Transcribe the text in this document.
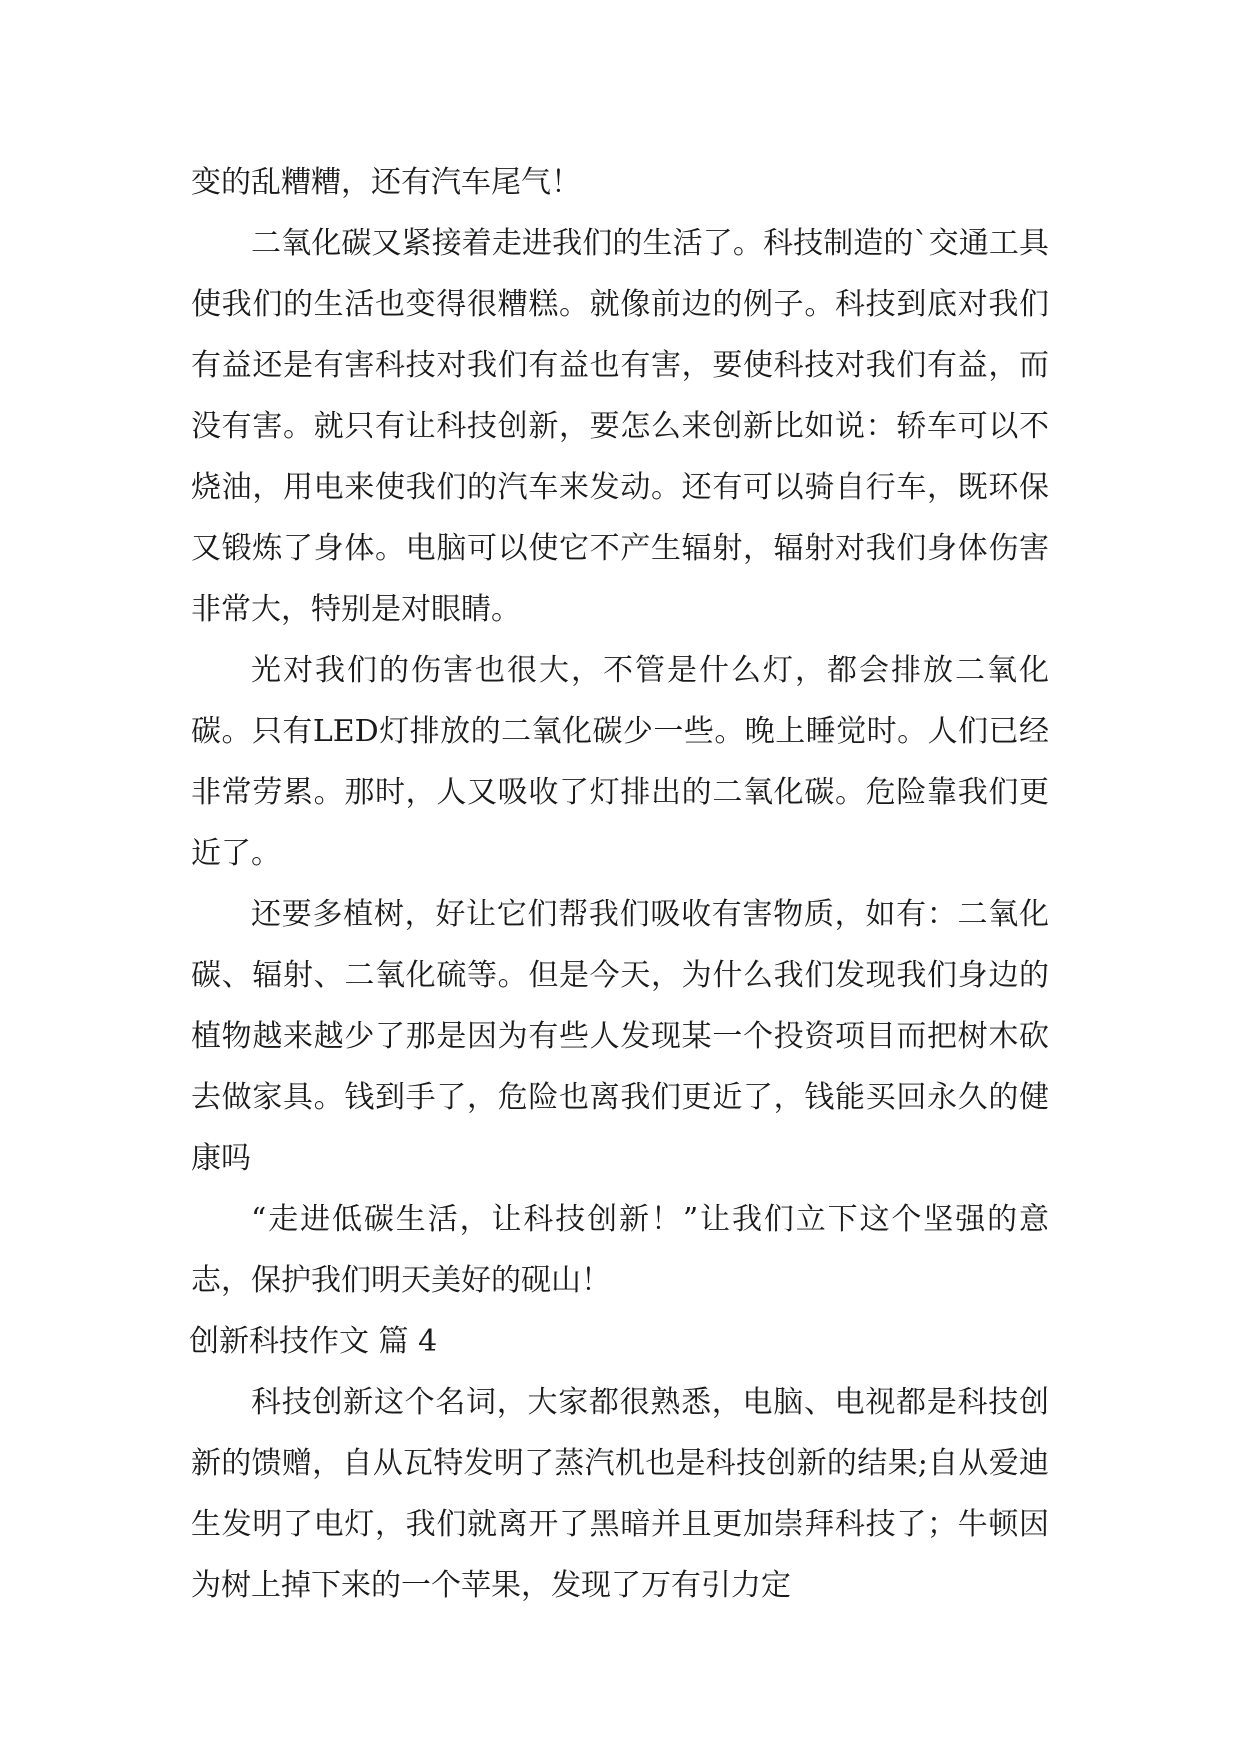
变的乱糟糟，还有汽车尾气！

二氧化碳又紧接着走进我们的生活了。科技制造的`交通工具使我们的生活也变得很糟糕。就像前边的例子。科技到底对我们有益还是有害科技对我们有益也有害，要使科技对我们有益，而没有害。就只有让科技创新，要怎么来创新比如说：轿车可以不烧油，用电来使我们的汽车来发动。还有可以骑自行车，既环保又锻炼了身体。电脑可以使它不产生辐射，辐射对我们身体伤害非常大，特别是对眼睛。

光对我们的伤害也很大，不管是什么灯，都会排放二氧化碳。只有LED灯排放的二氧化碳少一些。晚上睡觉时。人们已经非常劳累。那时，人又吸收了灯排出的二氧化碳。危险靠我们更近了。

还要多植树，好让它们帮我们吸收有害物质，如有：二氧化碳、辐射、二氧化硫等。但是今天，为什么我们发现我们身边的植物越来越少了那是因为有些人发现某一个投资项目而把树木砍去做家具。钱到手了，危险也离我们更近了，钱能买回永久的健康吗

“走进低碳生活，让科技创新！”让我们立下这个坚强的意志，保护我们明天美好的砚山！

创新科技作文 篇 4

科技创新这个名词，大家都很熟悉，电脑、电视都是科技创新的馈赠，自从瓦特发明了蒸汽机也是科技创新的结果;自从爱迪生发明了电灯，我们就离开了黑暗并且更加崇拜科技了；牛顿因为树上掉下来的一个苹果，发现了万有引力定
